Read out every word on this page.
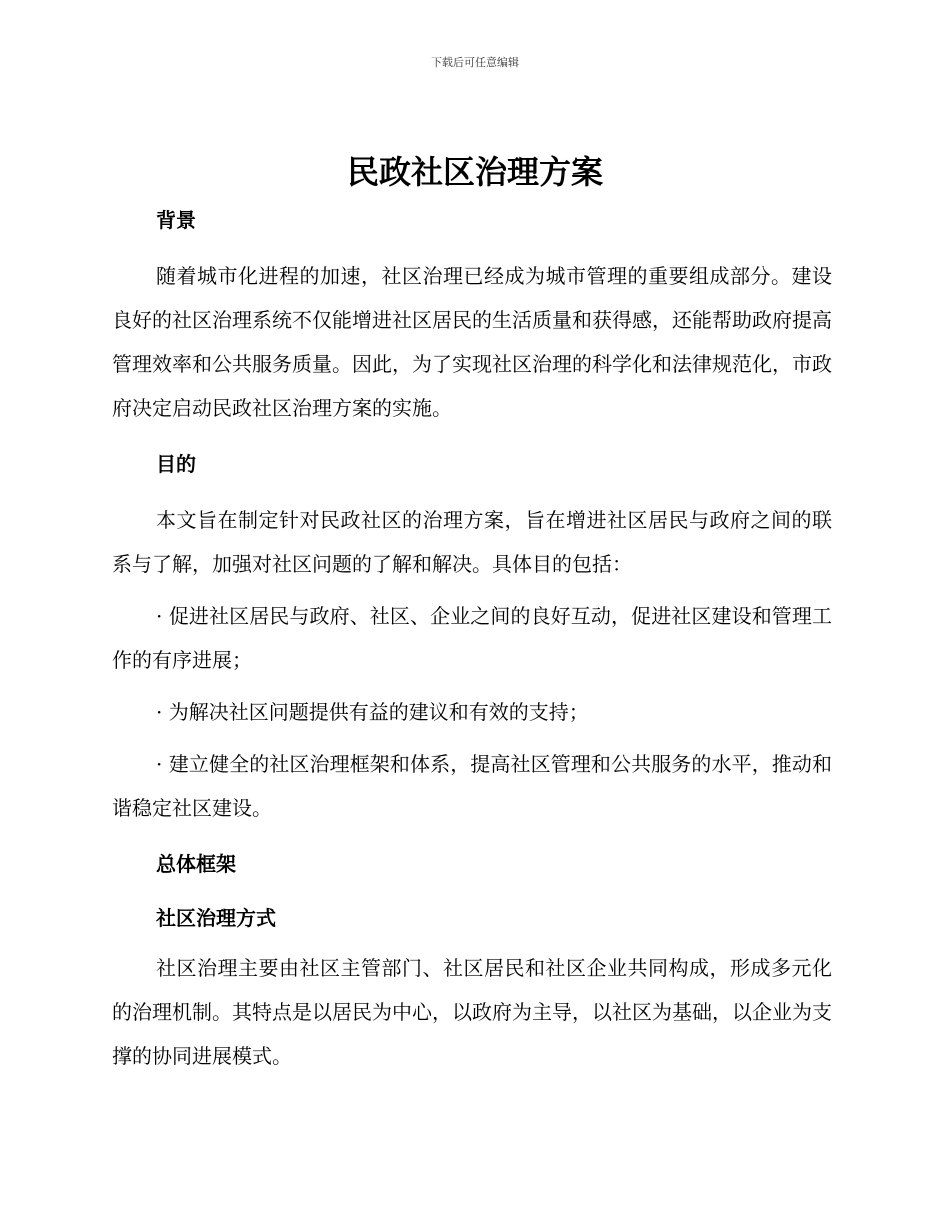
下载后可任意编辑
民政社区治理方案
背景

随着城市化进程的加速，社区治理已经成为城市管理的重要组成部分。建设良好的社区治理系统不仅能增进社区居民的生活质量和获得感，还能帮助政府提高管理效率和公共服务质量。因此，为了实现社区治理的科学化和法律规范化，市政府决定启动民政社区治理方案的实施。

目的

本文旨在制定针对民政社区的治理方案，旨在增进社区居民与政府之间的联系与了解，加强对社区问题的了解和解决。具体目的包括：

· 促进社区居民与政府、社区、企业之间的良好互动，促进社区建设和管理工作的有序进展；

· 为解决社区问题提供有益的建议和有效的支持；

· 建立健全的社区治理框架和体系，提高社区管理和公共服务的水平，推动和谐稳定社区建设。

总体框架
社区治理方式

社区治理主要由社区主管部门、社区居民和社区企业共同构成，形成多元化的治理机制。其特点是以居民为中心，以政府为主导，以社区为基础，以企业为支撑的协同进展模式。
